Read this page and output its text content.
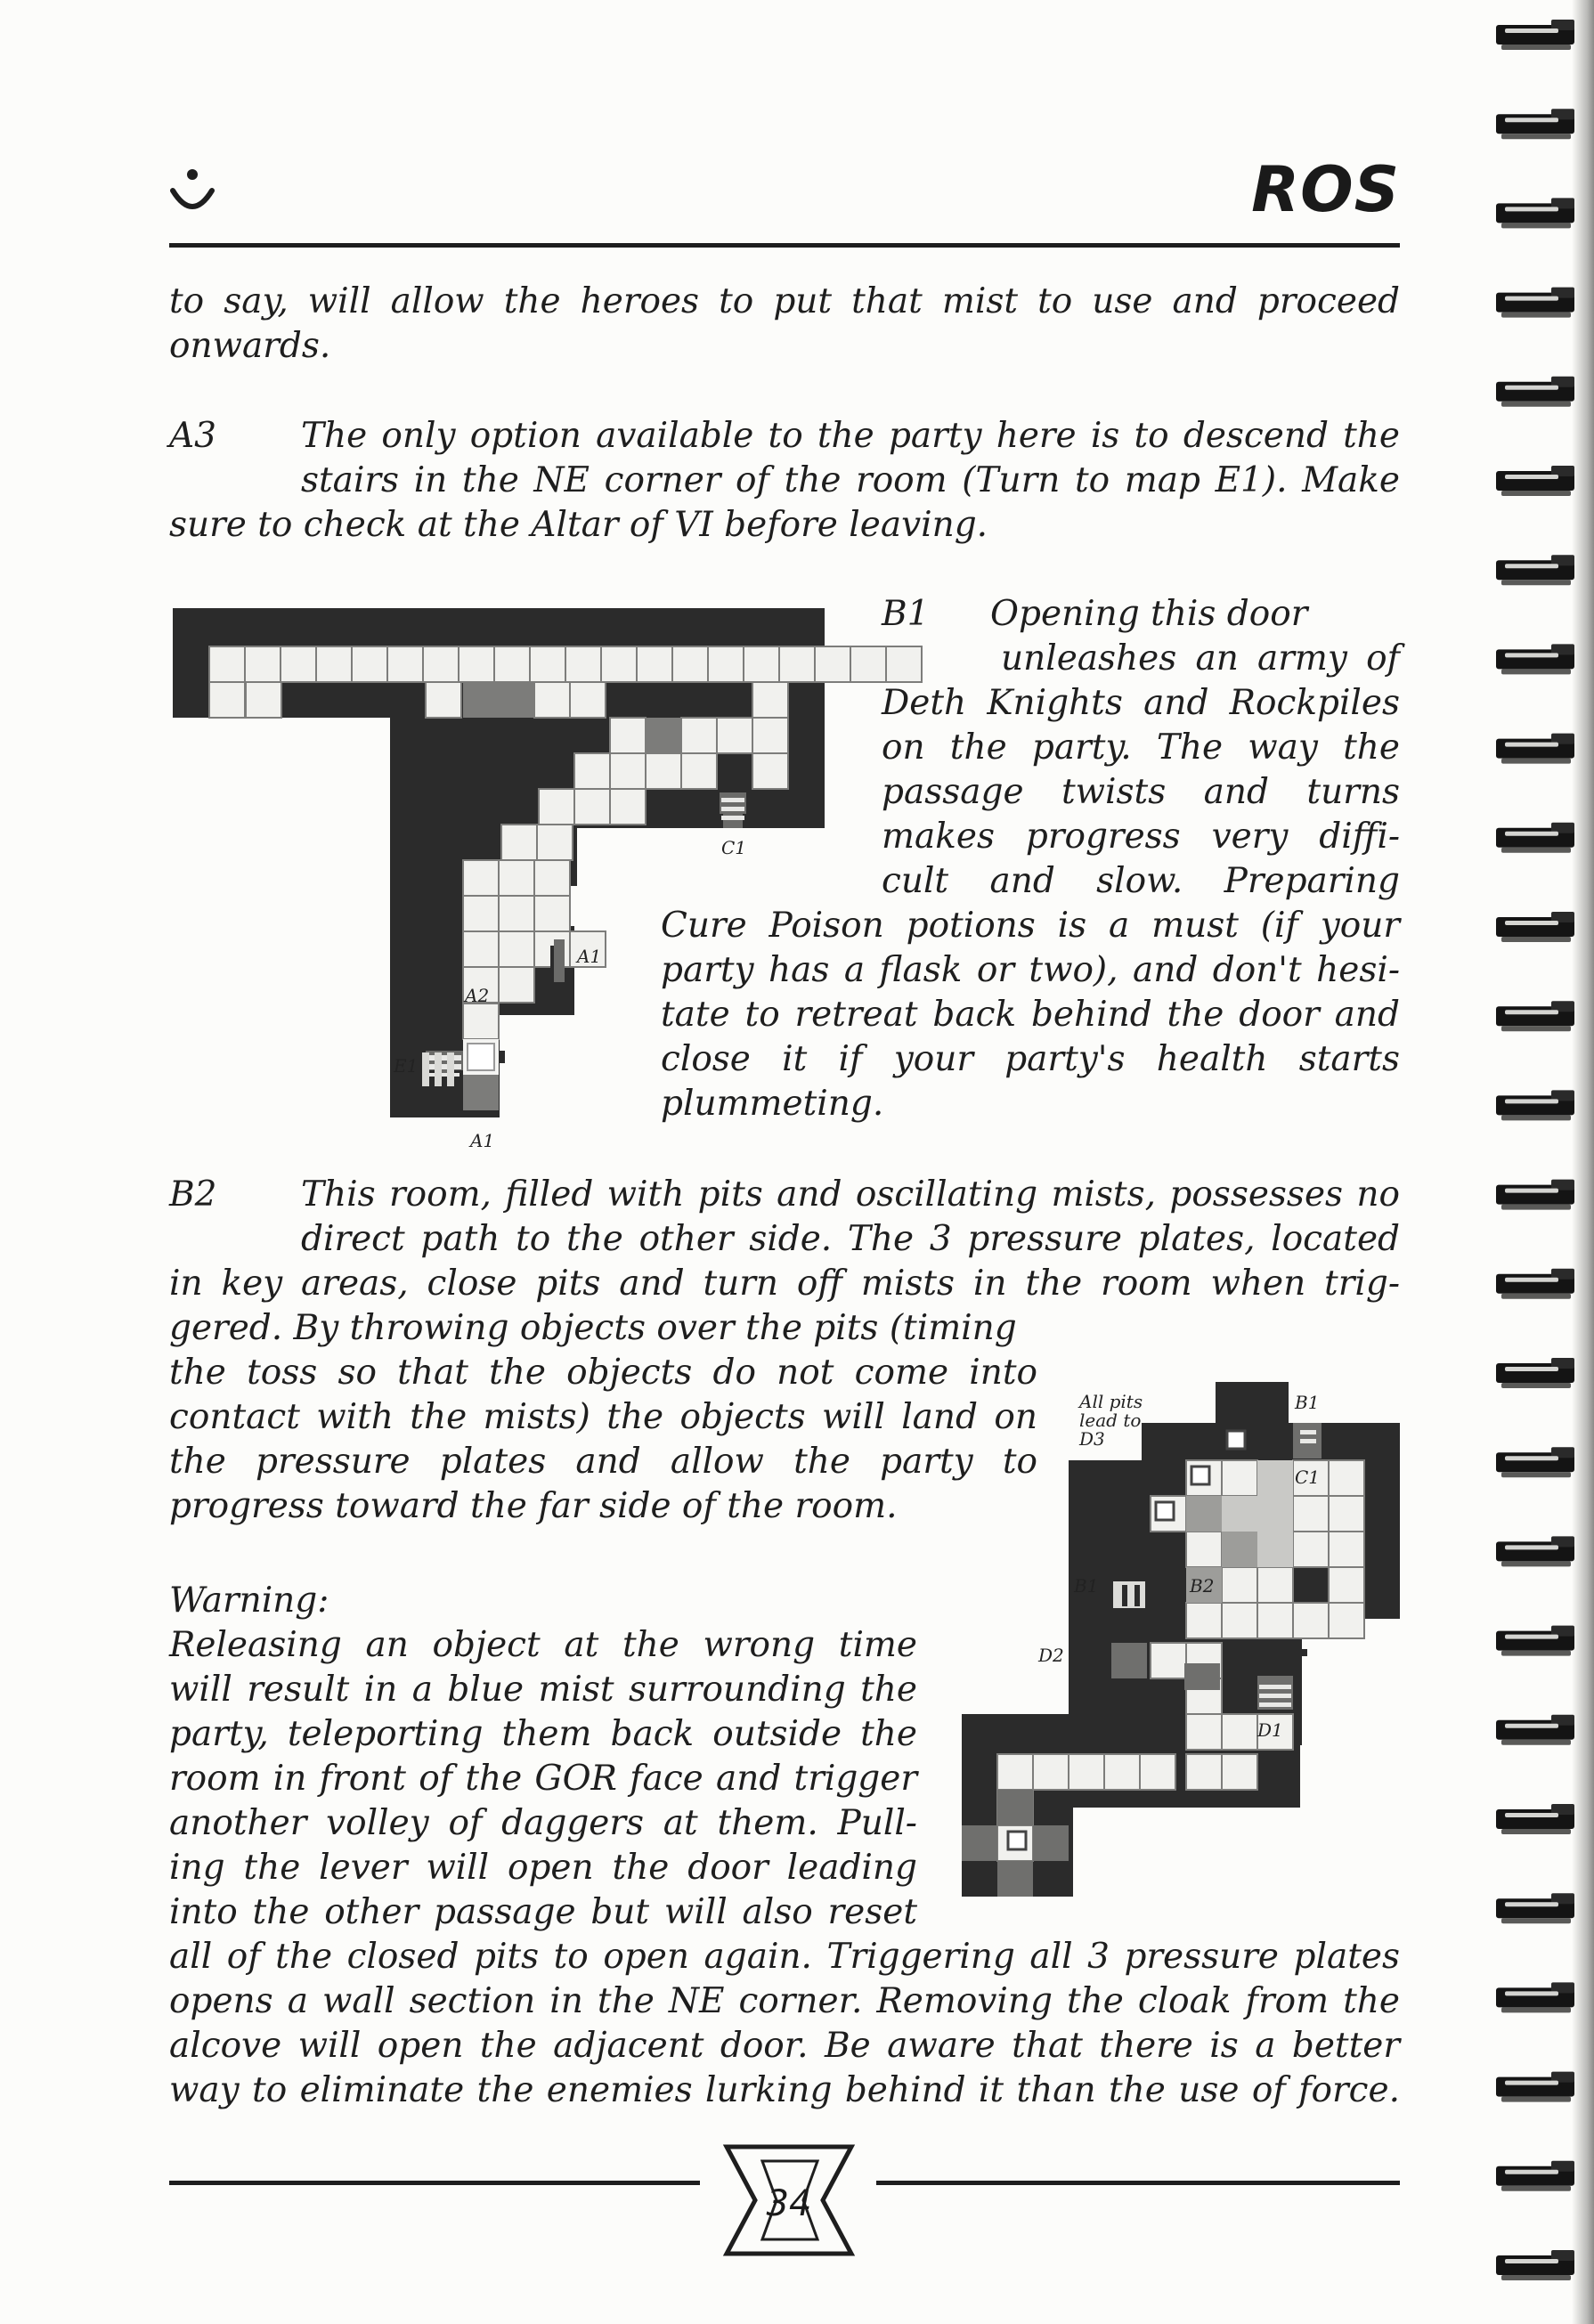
ROS

to say, will allow the heroes to put that mist to use and proceed

onwards.

A3 The only option available to the party here is to descend the

stairs in the NE corner of the room (Turn to map E1). Make

sure to check at the Altar of VI before leaving.

C1
A1
A2
E1
A1
B1 Opening this door

unleashes an army of

Deth Knights and Rockpiles

on the party. The way the

passage twists and turns

makes progress very diffi-

cult and slow. Preparing

Cure Poison potions is a must (if your

party has a flask or two), and don't hesi-

tate to retreat back behind the door and

close it if your party's health starts

plummeting.

B2 This room, filled with pits and oscillating mists, possesses no

direct path to the other side. The 3 pressure plates, located

in key areas, close pits and turn off mists in the room when trig-

gered. By throwing objects over the pits (timing

the toss so that the objects do not come into

contact with the mists) the objects will land on

the pressure plates and allow the party to

progress toward the far side of the room.

All pits
lead to
D3
B1
C1
B1	B2
D2
D1
Warning:

Releasing an object at the wrong time

will result in a blue mist surrounding the

party, teleporting them back outside the

room in front of the GOR face and trigger

another volley of daggers at them. Pull-

ing the lever will open the door leading

into the other passage but will also reset

all of the closed pits to open again. Triggering all 3 pressure plates

opens a wall section in the NE corner. Removing the cloak from the

alcove will open the adjacent door. Be aware that there is a better

way to eliminate the enemies lurking behind it than the use of force.

34
